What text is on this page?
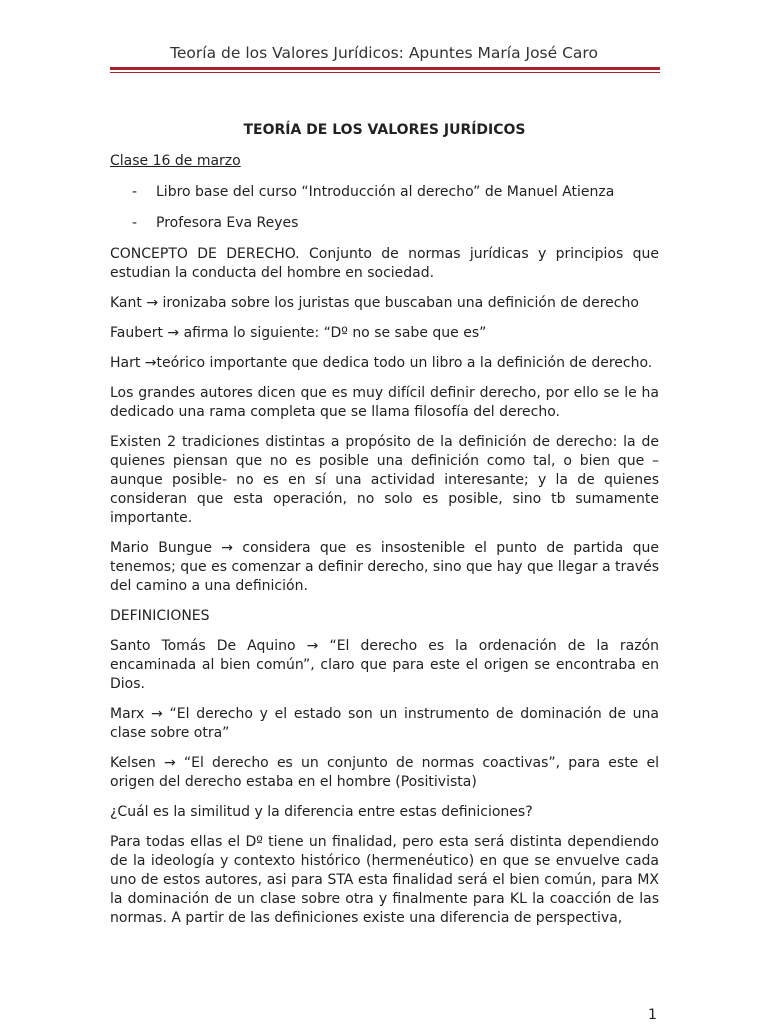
Teoría de los Valores Jurídicos: Apuntes María José Caro
TEORÍA DE LOS VALORES JURÍDICOS
Clase 16 de marzo
-	Libro base del curso “Introducción al derecho” de Manuel Atienza
-	Profesora Eva Reyes

CONCEPTO DE DERECHO. Conjunto de normas jurídicas y principios que estudian la conducta del hombre en sociedad.

Kant → ironizaba sobre los juristas que buscaban una definición de derecho

Faubert → afirma lo siguiente: “Dº no se sabe que es”

Hart →teórico importante que dedica todo un libro a la definición de derecho.

Los grandes autores dicen que es muy difícil definir derecho, por ello se le ha dedicado una rama completa que se llama filosofía del derecho.

Existen 2 tradiciones distintas a propósito de la definición de derecho: la de quienes piensan que no es posible una definición como tal, o bien que –aunque posible- no es en sí una actividad interesante; y la de quienes consideran que esta operación, no solo es posible, sino tb sumamente importante.

Mario Bungue → considera que es insostenible el punto de partida que tenemos; que es comenzar a definir derecho, sino que hay que llegar a través del camino a una definición.

DEFINICIONES

Santo Tomás De Aquino → “El derecho es la ordenación de la razón encaminada al bien común”, claro que para este el origen se encontraba en Dios.

Marx → “El derecho y el estado son un instrumento de dominación de una clase sobre otra”

Kelsen → “El derecho es un conjunto de normas coactivas”, para este el origen del derecho estaba en el hombre (Positivista)

¿Cuál es la similitud y la diferencia entre estas definiciones?

Para todas ellas el Dº tiene un finalidad, pero esta será distinta dependiendo de la ideología y contexto histórico (hermenéutico) en que se envuelve cada uno de estos autores, asi para STA esta finalidad será el bien común, para MX la dominación de un clase sobre otra y finalmente para KL la coacción de las normas. A partir de las definiciones existe una diferencia de perspectiva,

1
